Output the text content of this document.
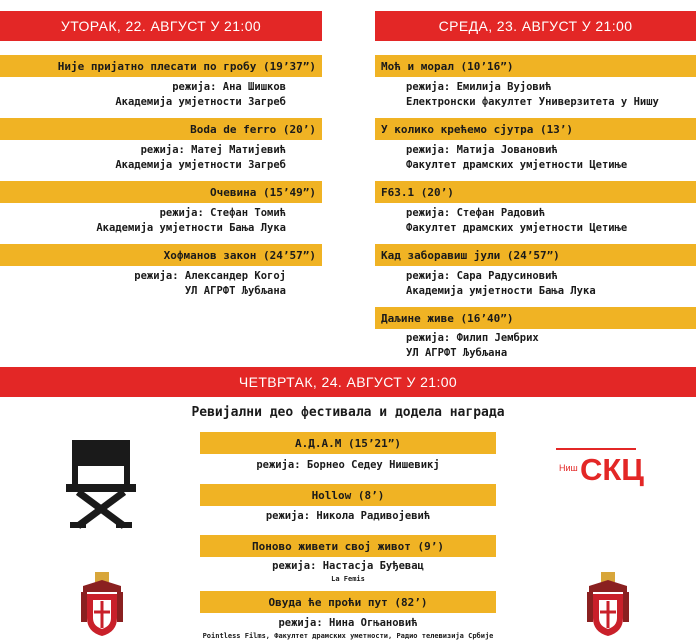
УТОРАК, 22. АВГУСТ У 21:00
Није пријатно плесати по гробу (19’37”)
режија: Ана Шишков
Академија умјетности Загреб
Boda de ferro (20’)
режија: Матеј Матијевић
Академија умјетности Загреб
Очевина (15’49”)
режија: Стефан Томић
Академија умјетности Бања Лука
Хофманов закон (24’57”)
режија: Александер Когој
УЛ АГРФТ Љубљана
СРЕДА, 23. АВГУСТ У 21:00
Моћ и морал (10’16”)
режија: Емилија Вујовић
Електронски факултет Универзитета у Нишу
У колико крећемо сјутра (13’)
режија: Матија Јовановић
Факултет драмских умјетности Цетиње
F63.1 (20’)
режија: Стефан Радовић
Факултет драмских умјетности Цетиње
Кад заборавиш јули (24’57”)
режија: Сара Радусиновић
Академија умјетности Бања Лука
Даљине живе (16’40”)
режија: Филип Јембрих
УЛ АГРФТ Љубљана
ЧЕТВРТАК, 24. АВГУСТ У 21:00
Ревијални део фестивала и додела награда
А.Д.А.М (15’21”)
режија: Борнео Седеу Нишевикј
Hollow (8’)
режија: Никола Радивојевић
Поново живети свој живот (9’)
режија: Настасја Буђевац
La Femis
Овуда ће проћи пут (82’)
режија: Нина Огњановић
Pointless Films, Факултет драмских уметности, Радио телевизија Србије
Ниш СКЦ
